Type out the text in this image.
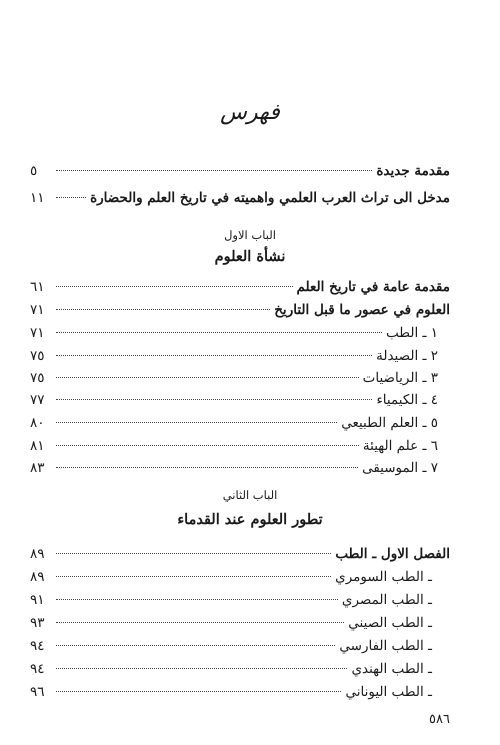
فهرس
مقدمة جديدة
٥
مدخل الى تراث العرب العلمي واهميته في تاريخ العلم والحضارة
١١
الباب الاول
نشأة العلوم
مقدمة عامة في تاريخ العلم
٦١
العلوم في عصور ما قبل التاريخ
٧١
١ ـ الطب
٧١
٢ ـ الصيدلة
٧٥
٣ ـ الرياضيات
٧٥
٤ ـ الكيمياء
٧٧
٥ ـ العلم الطبيعي
٨٠
٦ ـ علم الهيئة
٨١
٧ ـ الموسيقى
٨٣
الباب الثاني
تطور العلوم عند القدماء
الفصل الاول ـ الطب
٨٩
ـ الطب السومري
٨٩
ـ الطب المصري
٩١
ـ الطب الصيني
٩٣
ـ الطب الفارسي
٩٤
ـ الطب الهندي
٩٤
ـ الطب اليوناني
٩٦
٥٨٦
